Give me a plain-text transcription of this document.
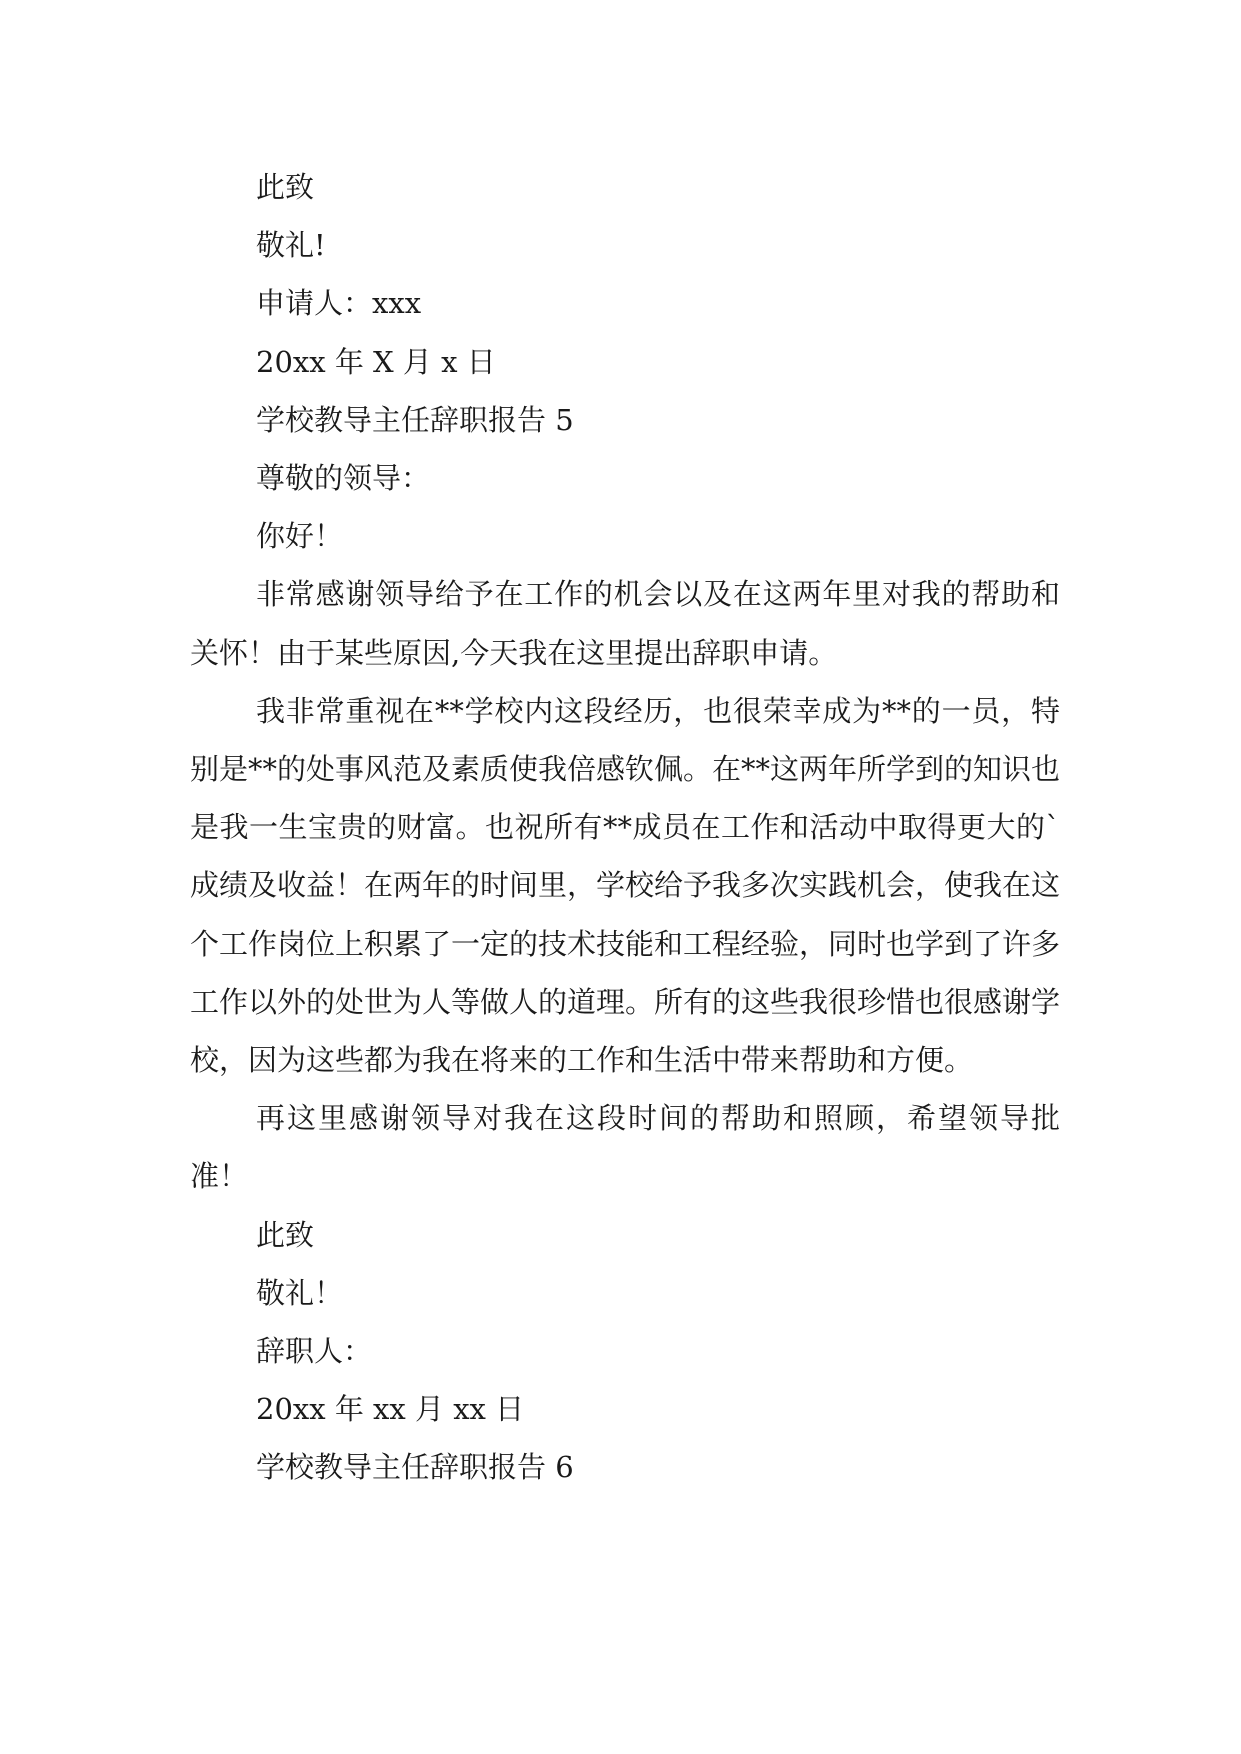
此致
敬礼!
申请人：xxx
20xx 年 X 月 x 日
学校教导主任辞职报告 5
尊敬的领导：
你好！

非常感谢领导给予在工作的机会以及在这两年里对我的帮助和关怀！由于某些原因,今天我在这里提出辞职申请。

我非常重视在**学校内这段经历，也很荣幸成为**的一员，特别是**的处事风范及素质使我倍感钦佩。在**这两年所学到的知识也是我一生宝贵的财富。也祝所有**成员在工作和活动中取得更大的`成绩及收益！在两年的时间里，学校给予我多次实践机会，使我在这个工作岗位上积累了一定的技术技能和工程经验，同时也学到了许多工作以外的处世为人等做人的道理。所有的这些我很珍惜也很感谢学校，因为这些都为我在将来的工作和生活中带来帮助和方便。

再这里感谢领导对我在这段时间的帮助和照顾，希望领导批准！

此致
敬礼！
辞职人：
20xx 年 xx 月 xx 日
学校教导主任辞职报告 6
